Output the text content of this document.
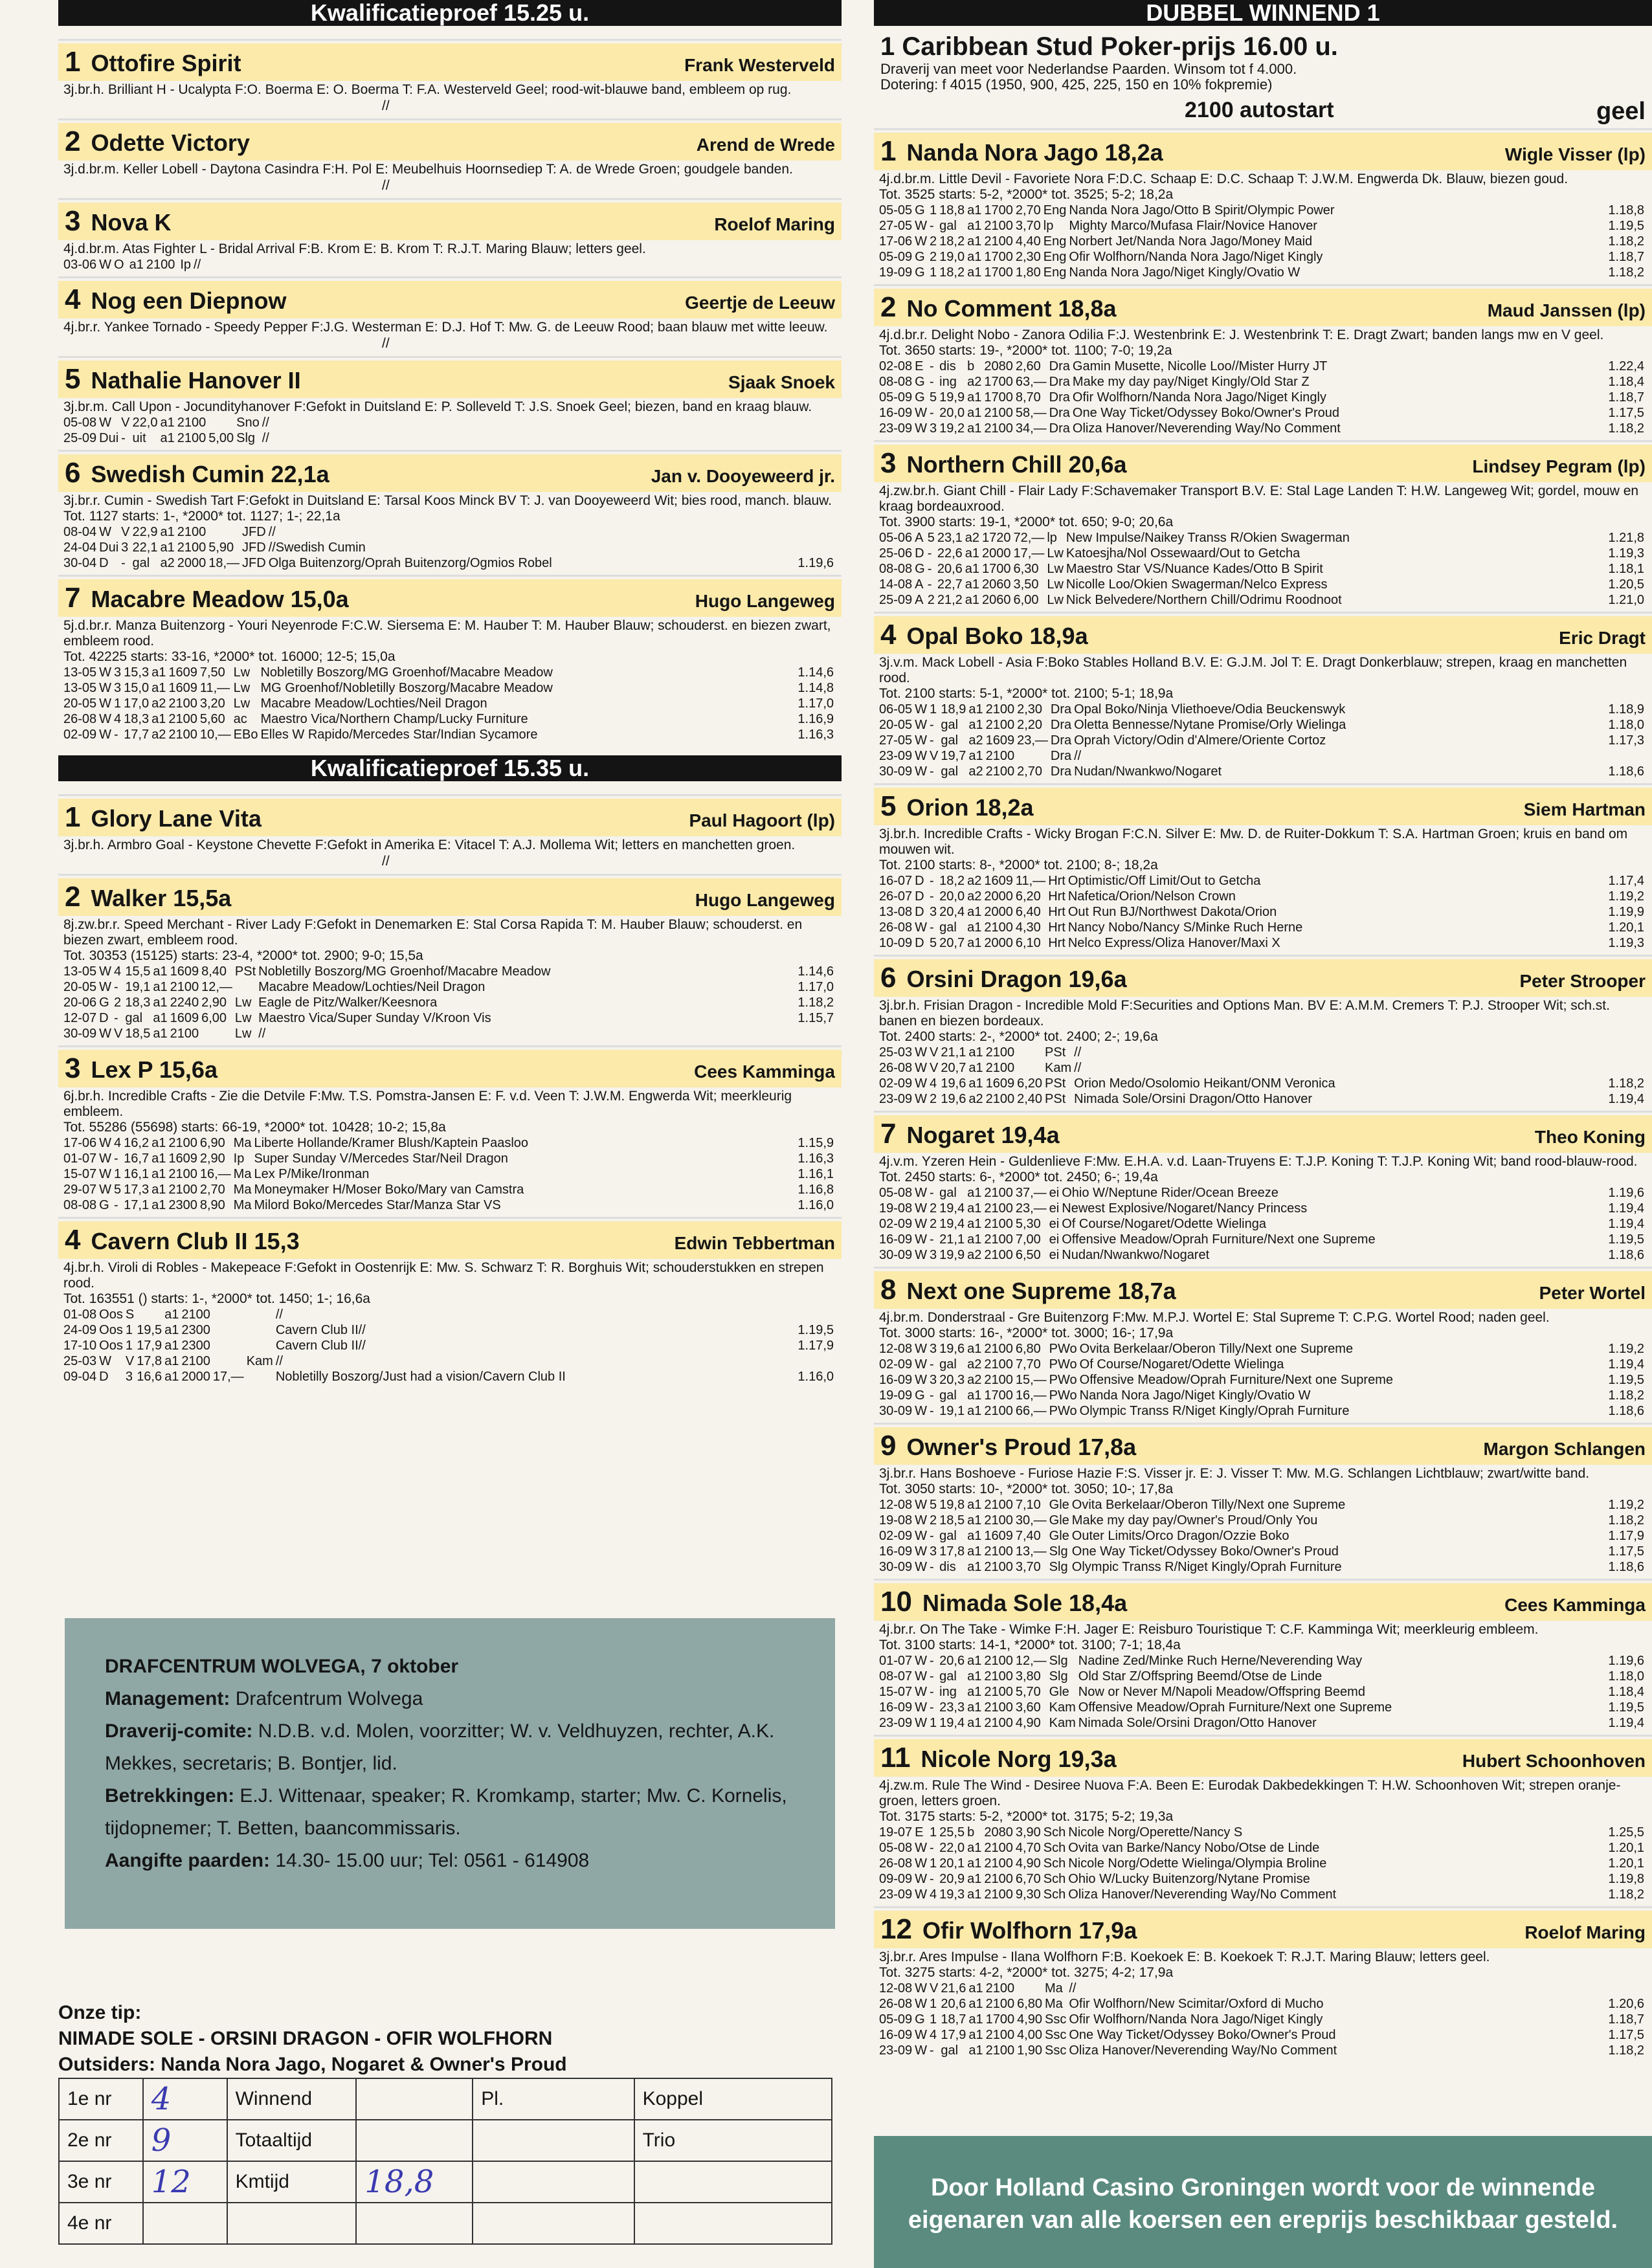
Kwalificatieproef 15.25 u.
1 Ottofire Spirit	Frank Westerveld
3j.br.h. Brilliant H - Ucalypta F:O. Boerma E: O. Boerma T: F.A. Westerveld Geel; rood-wit-blauwe band, embleem op rug.
//
2 Odette Victory	Arend de Wrede
3j.d.br.m. Keller Lobell - Daytona Casindra F:H. Pol E: Meubelhuis Hoornsediep T: A. de Wrede Groen; goudgele banden.
//
3 Nova K	Roelof Maring
4j.d.br.m. Atas Fighter L - Bridal Arrival F:B. Krom E: B. Krom T: R.J.T. Maring Blauw; letters geel.
03-06	W	O		a1	2100		Ip	//	
4 Nog een Diepnow	Geertje de Leeuw
4j.br.r. Yankee Tornado - Speedy Pepper F:J.G. Westerman E: D.J. Hof T: Mw. G. de Leeuw Rood; baan blauw met witte leeuw.
//
5 Nathalie Hanover II	Sjaak Snoek
3j.br.m. Call Upon - Jocundityhanover F:Gefokt in Duitsland E: P. Solleveld T: J.S. Snoek Geel; biezen, band en kraag blauw.
05-08	W	V	22,0	a1	2100		Sno	//	
25-09	Dui	-	uit	a1	2100	5,00	Slg	//	
6 Swedish Cumin 22,1a	Jan v. Dooyeweerd jr.
3j.br.r. Cumin - Swedish Tart F:Gefokt in Duitsland E: Tarsal Koos Minck BV T: J. van Dooyeweerd Wit; bies rood, manch. blauw.
Tot. 1127 starts: 1-, *2000* tot. 1127; 1-; 22,1a
08-04	W	V	22,9	a1	2100		JFD	//	
24-04	Dui	3	22,1	a1	2100	5,90	JFD	//Swedish Cumin	
30-04	D	-	gal	a2	2000	18,—	JFD	Olga Buitenzorg/Oprah Buitenzorg/Ogmios Robel	1.19,6
7 Macabre Meadow 15,0a	Hugo Langeweg
5j.d.br.r. Manza Buitenzorg - Youri Neyenrode F:C.W. Siersema E: M. Hauber T: M. Hauber Blauw; schouderst. en biezen zwart, embleem rood.
Tot. 42225 starts: 33-16, *2000* tot. 16000; 12-5; 15,0a
13-05	W	3	15,3	a1	1609	7,50	Lw	Nobletilly Boszorg/MG Groenhof/Macabre Meadow	1.14,6
13-05	W	3	15,0	a1	1609	11,—	Lw	MG Groenhof/Nobletilly Boszorg/Macabre Meadow	1.14,8
20-05	W	1	17,0	a2	2100	3,20	Lw	Macabre Meadow/Lochties/Neil Dragon	1.17,0
26-08	W	4	18,3	a1	2100	5,60	ac	Maestro Vica/Northern Champ/Lucky Furniture	1.16,9
02-09	W	-	17,7	a2	2100	10,—	EBo	Elles W Rapido/Mercedes Star/Indian Sycamore	1.16,3
Kwalificatieproef 15.35 u.
1 Glory Lane Vita	Paul Hagoort (lp)
3j.br.h. Armbro Goal - Keystone Chevette F:Gefokt in Amerika E: Vitacel T: A.J. Mollema Wit; letters en manchetten groen.
//
2 Walker 15,5a	Hugo Langeweg
8j.zw.br.r. Speed Merchant - River Lady F:Gefokt in Denemarken E: Stal Corsa Rapida T: M. Hauber Blauw; schouderst. en biezen zwart, embleem rood.
Tot. 30353 (15125) starts: 23-4, *2000* tot. 2900; 9-0; 15,5a
13-05	W	4	15,5	a1	1609	8,40	PSt	Nobletilly Boszorg/MG Groenhof/Macabre Meadow	1.14,6
20-05	W	-	19,1	a1	2100	12,—		Macabre Meadow/Lochties/Neil Dragon	1.17,0
20-06	G	2	18,3	a1	2240	2,90	Lw	Eagle de Pitz/Walker/Keesnora	1.18,2
12-07	D	-	gal	a1	1609	6,00	Lw	Maestro Vica/Super Sunday V/Kroon Vis	1.15,7
30-09	W	V	18,5	a1	2100		Lw	//	
3 Lex P 15,6a	Cees Kamminga
6j.br.h. Incredible Crafts - Zie die Detvile F:Mw. T.S. Pomstra-Jansen E: F. v.d. Veen T: J.W.M. Engwerda Wit; meerkleurig embleem.
Tot. 55286 (55698) starts: 66-19, *2000* tot. 10428; 10-2; 15,8a
17-06	W	4	16,2	a1	2100	6,90	Ma	Liberte Hollande/Kramer Blush/Kaptein Paasloo	1.15,9
01-07	W	-	16,7	a1	1609	2,90	Ip	Super Sunday V/Mercedes Star/Neil Dragon	1.16,3
15-07	W	1	16,1	a1	2100	16,—	Ma	Lex P/Mike/Ironman	1.16,1
29-07	W	5	17,3	a1	2100	2,70	Ma	Moneymaker H/Moser Boko/Mary van Camstra	1.16,8
08-08	G	-	17,1	a1	2300	8,90	Ma	Milord Boko/Mercedes Star/Manza Star VS	1.16,0
4 Cavern Club II 15,3	Edwin Tebbertman
4j.br.h. Viroli di Robles - Makepeace F:Gefokt in Oostenrijk E: Mw. S. Schwarz T: R. Borghuis Wit; schouderstukken en strepen rood.
Tot. 163551 () starts: 1-, *2000* tot. 1450; 1-; 16,6a
01-08	Oos	S		a1	2100			//	
24-09	Oos	1	19,5	a1	2300			Cavern Club II//	1.19,5
17-10	Oos	1	17,9	a1	2300			Cavern Club II//	1.17,9
25-03	W	V	17,8	a1	2100		Kam	//	
09-04	D	3	16,6	a1	2000	17,—		Nobletilly Boszorg/Just had a vision/Cavern Club II	1.16,0
DRAFCENTRUM WOLVEGA, 7 oktober
Management: Drafcentrum Wolvega
Draverij-comite: N.D.B. v.d. Molen, voorzitter; W. v. Veldhuyzen, rechter, A.K. Mekkes, secretaris; B. Bontjer, lid.
Betrekkingen: E.J. Wittenaar, speaker; R. Kromkamp, starter; Mw. C. Kornelis, tijdopnemer; T. Betten, baancommissaris.
Aangifte paarden: 14.30- 15.00 uur; Tel: 0561 - 614908
Onze tip:
NIMADE SOLE - ORSINI DRAGON - OFIR WOLFHORN
Outsiders: Nanda Nora Jago, Nogaret & Owner's Proud
1e nr	4	Winnend		Pl.	Koppel
2e nr	9	Totaaltijd			Trio
3e nr	12	Kmtijd	18,8		
4e nr					
DUBBEL WINNEND 1
1 Caribbean Stud Poker-prijs 16.00 u.
Draverij van meet voor Nederlandse Paarden. Winsom tot f 4.000.
Dotering: f 4015 (1950, 900, 425, 225, 150 en 10% fokpremie)
2100 autostart	geel
1 Nanda Nora Jago 18,2a	Wigle Visser (lp)
4j.d.br.m. Little Devil - Favoriete Nora F:D.C. Schaap E: D.C. Schaap T: J.W.M. Engwerda Dk. Blauw, biezen goud.
Tot. 3525 starts: 5-2, *2000* tot. 3525; 5-2; 18,2a
05-05	G	1	18,8	a1	1700	2,70	Eng	Nanda Nora Jago/Otto B Spirit/Olympic Power	1.18,8
27-05	W	-	gal	a1	2100	3,70	lp	Mighty Marco/Mufasa Flair/Novice Hanover	1.19,5
17-06	W	2	18,2	a1	2100	4,40	Eng	Norbert Jet/Nanda Nora Jago/Money Maid	1.18,2
05-09	G	2	19,0	a1	1700	2,30	Eng	Ofir Wolfhorn/Nanda Nora Jago/Niget Kingly	1.18,7
19-09	G	1	18,2	a1	1700	1,80	Eng	Nanda Nora Jago/Niget Kingly/Ovatio W	1.18,2
2 No Comment 18,8a	Maud Janssen (lp)
4j.d.br.r. Delight Nobo - Zanora Odilia F:J. Westenbrink E: J. Westenbrink T: E. Dragt Zwart; banden langs mw en V geel.
Tot. 3650 starts: 19-, *2000* tot. 1100; 7-0; 19,2a
02-08	E	-	dis	b	2080	2,60	Dra	Gamin Musette, Nicolle Loo//Mister Hurry JT	1.22,4
08-08	G	-	ing	a2	1700	63,—	Dra	Make my day pay/Niget Kingly/Old Star Z	1.18,4
05-09	G	5	19,9	a1	1700	8,70	Dra	Ofir Wolfhorn/Nanda Nora Jago/Niget Kingly	1.18,7
16-09	W	-	20,0	a1	2100	58,—	Dra	One Way Ticket/Odyssey Boko/Owner's Proud	1.17,5
23-09	W	3	19,2	a1	2100	34,—	Dra	Oliza Hanover/Neverending Way/No Comment	1.18,2
3 Northern Chill 20,6a	Lindsey Pegram (lp)
4j.zw.br.h. Giant Chill - Flair Lady F:Schavemaker Transport B.V. E: Stal Lage Landen T: H.W. Langeweg Wit; gordel, mouw en kraag bordeauxrood.
Tot. 3900 starts: 19-1, *2000* tot. 650; 9-0; 20,6a
05-06	A	5	23,1	a2	1720	72,—	lp	New Impulse/Naikey Transs R/Okien Swagerman	1.21,8
25-06	D	-	22,6	a1	2000	17,—	Lw	Katoesjha/Nol Ossewaard/Out to Getcha	1.19,3
08-08	G	-	20,6	a1	1700	6,30	Lw	Maestro Star VS/Nuance Kades/Otto B Spirit	1.18,1
14-08	A	-	22,7	a1	2060	3,50	Lw	Nicolle Loo/Okien Swagerman/Nelco Express	1.20,5
25-09	A	2	21,2	a1	2060	6,00	Lw	Nick Belvedere/Northern Chill/Odrimu Roodnoot	1.21,0
4 Opal Boko 18,9a	Eric Dragt
3j.v.m. Mack Lobell - Asia F:Boko Stables Holland B.V. E: G.J.M. Jol T: E. Dragt Donkerblauw; strepen, kraag en manchetten rood.
Tot. 2100 starts: 5-1, *2000* tot. 2100; 5-1; 18,9a
06-05	W	1	18,9	a1	2100	2,30	Dra	Opal Boko/Ninja Vliethoeve/Odia Beuckenswyk	1.18,9
20-05	W	-	gal	a1	2100	2,20	Dra	Oletta Bennesse/Nytane Promise/Orly Wielinga	1.18,0
27-05	W	-	gal	a2	1609	23,—	Dra	Oprah Victory/Odin d'Almere/Oriente Cortoz	1.17,3
23-09	W	V	19,7	a1	2100		Dra	//	
30-09	W	-	gal	a2	2100	2,70	Dra	Nudan/Nwankwo/Nogaret	1.18,6
5 Orion 18,2a	Siem Hartman
3j.br.h. Incredible Crafts - Wicky Brogan F:C.N. Silver E: Mw. D. de Ruiter-Dokkum T: S.A. Hartman Groen; kruis en band om mouwen wit.
Tot. 2100 starts: 8-, *2000* tot. 2100; 8-; 18,2a
16-07	D	-	18,2	a2	1609	11,—	Hrt	Optimistic/Off Limit/Out to Getcha	1.17,4
26-07	D	-	20,0	a2	2000	6,20	Hrt	Nafetica/Orion/Nelson Crown	1.19,2
13-08	D	3	20,4	a1	2000	6,40	Hrt	Out Run BJ/Northwest Dakota/Orion	1.19,9
26-08	W	-	gal	a1	2100	4,30	Hrt	Nancy Nobo/Nancy S/Minke Ruch Herne	1.20,1
10-09	D	5	20,7	a1	2000	6,10	Hrt	Nelco Express/Oliza Hanover/Maxi X	1.19,3
6 Orsini Dragon 19,6a	Peter Strooper
3j.br.h. Frisian Dragon - Incredible Mold F:Securities and Options Man. BV E: A.M.M. Cremers T: P.J. Strooper Wit; sch.st. banen en biezen bordeaux.
Tot. 2400 starts: 2-, *2000* tot. 2400; 2-; 19,6a
25-03	W	V	21,1	a1	2100		PSt	//	
26-08	W	V	20,7	a1	2100		Kam	//	
02-09	W	4	19,6	a1	1609	6,20	PSt	Orion Medo/Osolomio Heikant/ONM Veronica	1.18,2
23-09	W	2	19,6	a2	2100	2,40	PSt	Nimada Sole/Orsini Dragon/Otto Hanover	1.19,4
7 Nogaret 19,4a	Theo Koning
4j.v.m. Yzeren Hein - Guldenlieve F:Mw. E.H.A. v.d. Laan-Truyens E: T.J.P. Koning T: T.J.P. Koning Wit; band rood-blauw-rood.
Tot. 2450 starts: 6-, *2000* tot. 2450; 6-; 19,4a
05-08	W	-	gal	a1	2100	37,—	ei	Ohio W/Neptune Rider/Ocean Breeze	1.19,6
19-08	W	2	19,4	a1	2100	23,—	ei	Newest Explosive/Nogaret/Nancy Princess	1.19,4
02-09	W	2	19,4	a1	2100	5,30	ei	Of Course/Nogaret/Odette Wielinga	1.19,4
16-09	W	-	21,1	a1	2100	7,00	ei	Offensive Meadow/Oprah Furniture/Next one Supreme	1.19,5
30-09	W	3	19,9	a2	2100	6,50	ei	Nudan/Nwankwo/Nogaret	1.18,6
8 Next one Supreme 18,7a	Peter Wortel
4j.br.m. Donderstraal - Gre Buitenzorg F:Mw. M.P.J. Wortel E: Stal Supreme T: C.P.G. Wortel Rood; naden geel.
Tot. 3000 starts: 16-, *2000* tot. 3000; 16-; 17,9a
12-08	W	3	19,6	a1	2100	6,80	PWo	Ovita Berkelaar/Oberon Tilly/Next one Supreme	1.19,2
02-09	W	-	gal	a2	2100	7,70	PWo	Of Course/Nogaret/Odette Wielinga	1.19,4
16-09	W	3	20,3	a2	2100	15,—	PWo	Offensive Meadow/Oprah Furniture/Next one Supreme	1.19,5
19-09	G	-	gal	a1	1700	16,—	PWo	Nanda Nora Jago/Niget Kingly/Ovatio W	1.18,2
30-09	W	-	19,1	a1	2100	66,—	PWo	Olympic Transs R/Niget Kingly/Oprah Furniture	1.18,6
9 Owner's Proud 17,8a	Margon Schlangen
3j.br.r. Hans Boshoeve - Furiose Hazie F:S. Visser jr. E: J. Visser T: Mw. M.G. Schlangen Lichtblauw; zwart/witte band.
Tot. 3050 starts: 10-, *2000* tot. 3050; 10-; 17,8a
12-08	W	5	19,8	a1	2100	7,10	Gle	Ovita Berkelaar/Oberon Tilly/Next one Supreme	1.19,2
19-08	W	2	18,5	a1	2100	30,—	Gle	Make my day pay/Owner's Proud/Only You	1.18,2
02-09	W	-	gal	a1	1609	7,40	Gle	Outer Limits/Orco Dragon/Ozzie Boko	1.17,9
16-09	W	3	17,8	a1	2100	13,—	Slg	One Way Ticket/Odyssey Boko/Owner's Proud	1.17,5
30-09	W	-	dis	a1	2100	3,70	Slg	Olympic Transs R/Niget Kingly/Oprah Furniture	1.18,6
10 Nimada Sole 18,4a	Cees Kamminga
4j.br.r. On The Take - Wimke F:H. Jager E: Reisburo Touristique T: C.F. Kamminga Wit; meerkleurig embleem.
Tot. 3100 starts: 14-1, *2000* tot. 3100; 7-1; 18,4a
01-07	W	-	20,6	a1	2100	12,—	Slg	Nadine Zed/Minke Ruch Herne/Neverending Way	1.19,6
08-07	W	-	gal	a1	2100	3,80	Slg	Old Star Z/Offspring Beemd/Otse de Linde	1.18,0
15-07	W	-	ing	a1	2100	5,70	Gle	Now or Never M/Napoli Meadow/Offspring Beemd	1.18,4
16-09	W	-	23,3	a1	2100	3,60	Kam	Offensive Meadow/Oprah Furniture/Next one Supreme	1.19,5
23-09	W	1	19,4	a1	2100	4,90	Kam	Nimada Sole/Orsini Dragon/Otto Hanover	1.19,4
11 Nicole Norg 19,3a	Hubert Schoonhoven
4j.zw.m. Rule The Wind - Desiree Nuova F:A. Been E: Eurodak Dakbedekkingen T: H.W. Schoonhoven Wit; strepen oranje-groen, letters groen.
Tot. 3175 starts: 5-2, *2000* tot. 3175; 5-2; 19,3a
19-07	E	1	25,5	b	2080	3,90	Sch	Nicole Norg/Operette/Nancy S	1.25,5
05-08	W	-	22,0	a1	2100	4,70	Sch	Ovita van Barke/Nancy Nobo/Otse de Linde	1.20,1
26-08	W	1	20,1	a1	2100	4,90	Sch	Nicole Norg/Odette Wielinga/Olympia Broline	1.20,1
09-09	W	-	20,9	a1	2100	6,70	Sch	Ohio W/Lucky Buitenzorg/Nytane Promise	1.19,8
23-09	W	4	19,3	a1	2100	9,30	Sch	Oliza Hanover/Neverending Way/No Comment	1.18,2
12 Ofir Wolfhorn 17,9a	Roelof Maring
3j.br.r. Ares Impulse - Ilana Wolfhorn F:B. Koekoek E: B. Koekoek T: R.J.T. Maring Blauw; letters geel.
Tot. 3275 starts: 4-2, *2000* tot. 3275; 4-2; 17,9a
12-08	W	V	21,6	a1	2100		Ma	//	
26-08	W	1	20,6	a1	2100	6,80	Ma	Ofir Wolfhorn/New Scimitar/Oxford di Mucho	1.20,6
05-09	G	1	18,7	a1	1700	4,90	Ssc	Ofir Wolfhorn/Nanda Nora Jago/Niget Kingly	1.18,7
16-09	W	4	17,9	a1	2100	4,00	Ssc	One Way Ticket/Odyssey Boko/Owner's Proud	1.17,5
23-09	W	-	gal	a1	2100	1,90	Ssc	Oliza Hanover/Neverending Way/No Comment	1.18,2
Door Holland Casino Groningen wordt voor de winnende
eigenaren van alle koersen een ereprijs beschikbaar gesteld.
